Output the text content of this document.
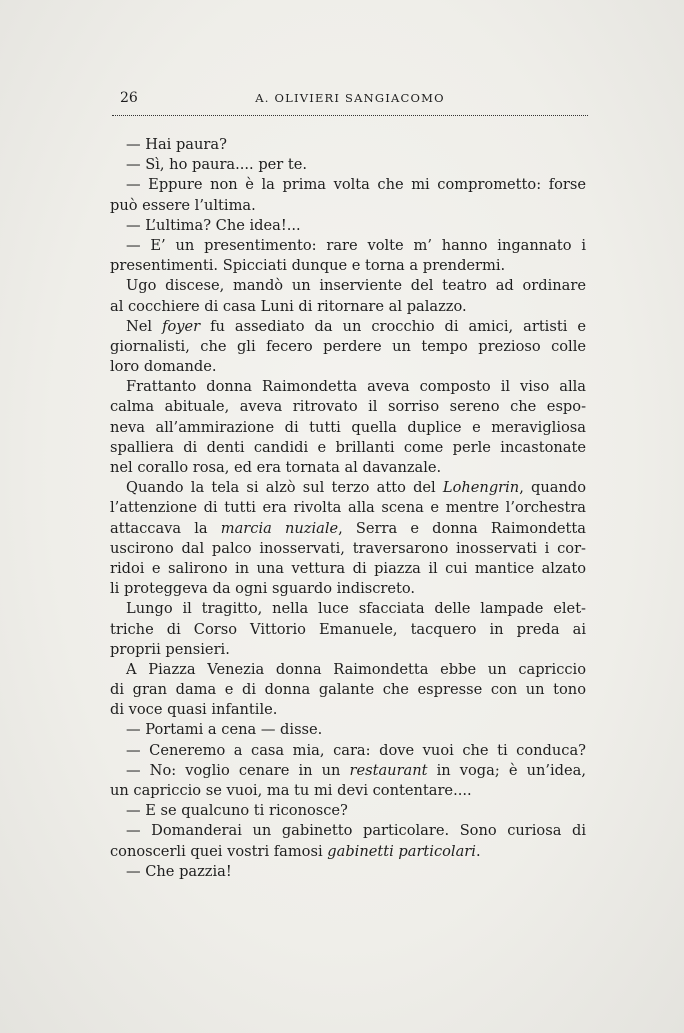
26	A. OLIVIERI SANGIACOMO
— Hai paura?
— Sì, ho paura.... per te.
— Eppure non è la prima volta che mi comprometto: forse
può essere l’ultima.
— L’ultima? Che idea!...
— E’ un presentimento: rare volte m’ hanno ingannato i
presentimenti. Spicciati dunque e torna a prendermi.
Ugo discese, mandò un inserviente del teatro ad ordinare
al cocchiere di casa Luni di ritornare al palazzo.
Nel foyer fu assediato da un crocchio di amici, artisti e
giornalisti, che gli fecero perdere un tempo prezioso colle
loro domande.
Frattanto donna Raimondetta aveva composto il viso alla
calma abituale, aveva ritrovato il sorriso sereno che espo-
neva all’ammirazione di tutti quella duplice e meravigliosa
spalliera di denti candidi e brillanti come perle incastonate
nel corallo rosa, ed era tornata al davanzale.
Quando la tela si alzò sul terzo atto del Lohengrin, quando
l’attenzione di tutti era rivolta alla scena e mentre l’orchestra
attaccava la marcia nuziale, Serra e donna Raimondetta
uscirono dal palco inosservati, traversarono inosservati i cor-
ridoi e salirono in una vettura di piazza il cui mantice alzato
li proteggeva da ogni sguardo indiscreto.
Lungo il tragitto, nella luce sfacciata delle lampade elet-
triche di Corso Vittorio Emanuele, tacquero in preda ai
proprii pensieri.
A Piazza Venezia donna Raimondetta ebbe un capriccio
di gran dama e di donna galante che espresse con un tono
di voce quasi infantile.
— Portami a cena — disse.
— Ceneremo a casa mia, cara: dove vuoi che ti conduca?
— No: voglio cenare in un restaurant in voga; è un’idea,
un capriccio se vuoi, ma tu mi devi contentare....
— E se qualcuno ti riconosce?
— Domanderai un gabinetto particolare. Sono curiosa di
conoscerli quei vostri famosi gabinetti particolari.
— Che pazzia!
